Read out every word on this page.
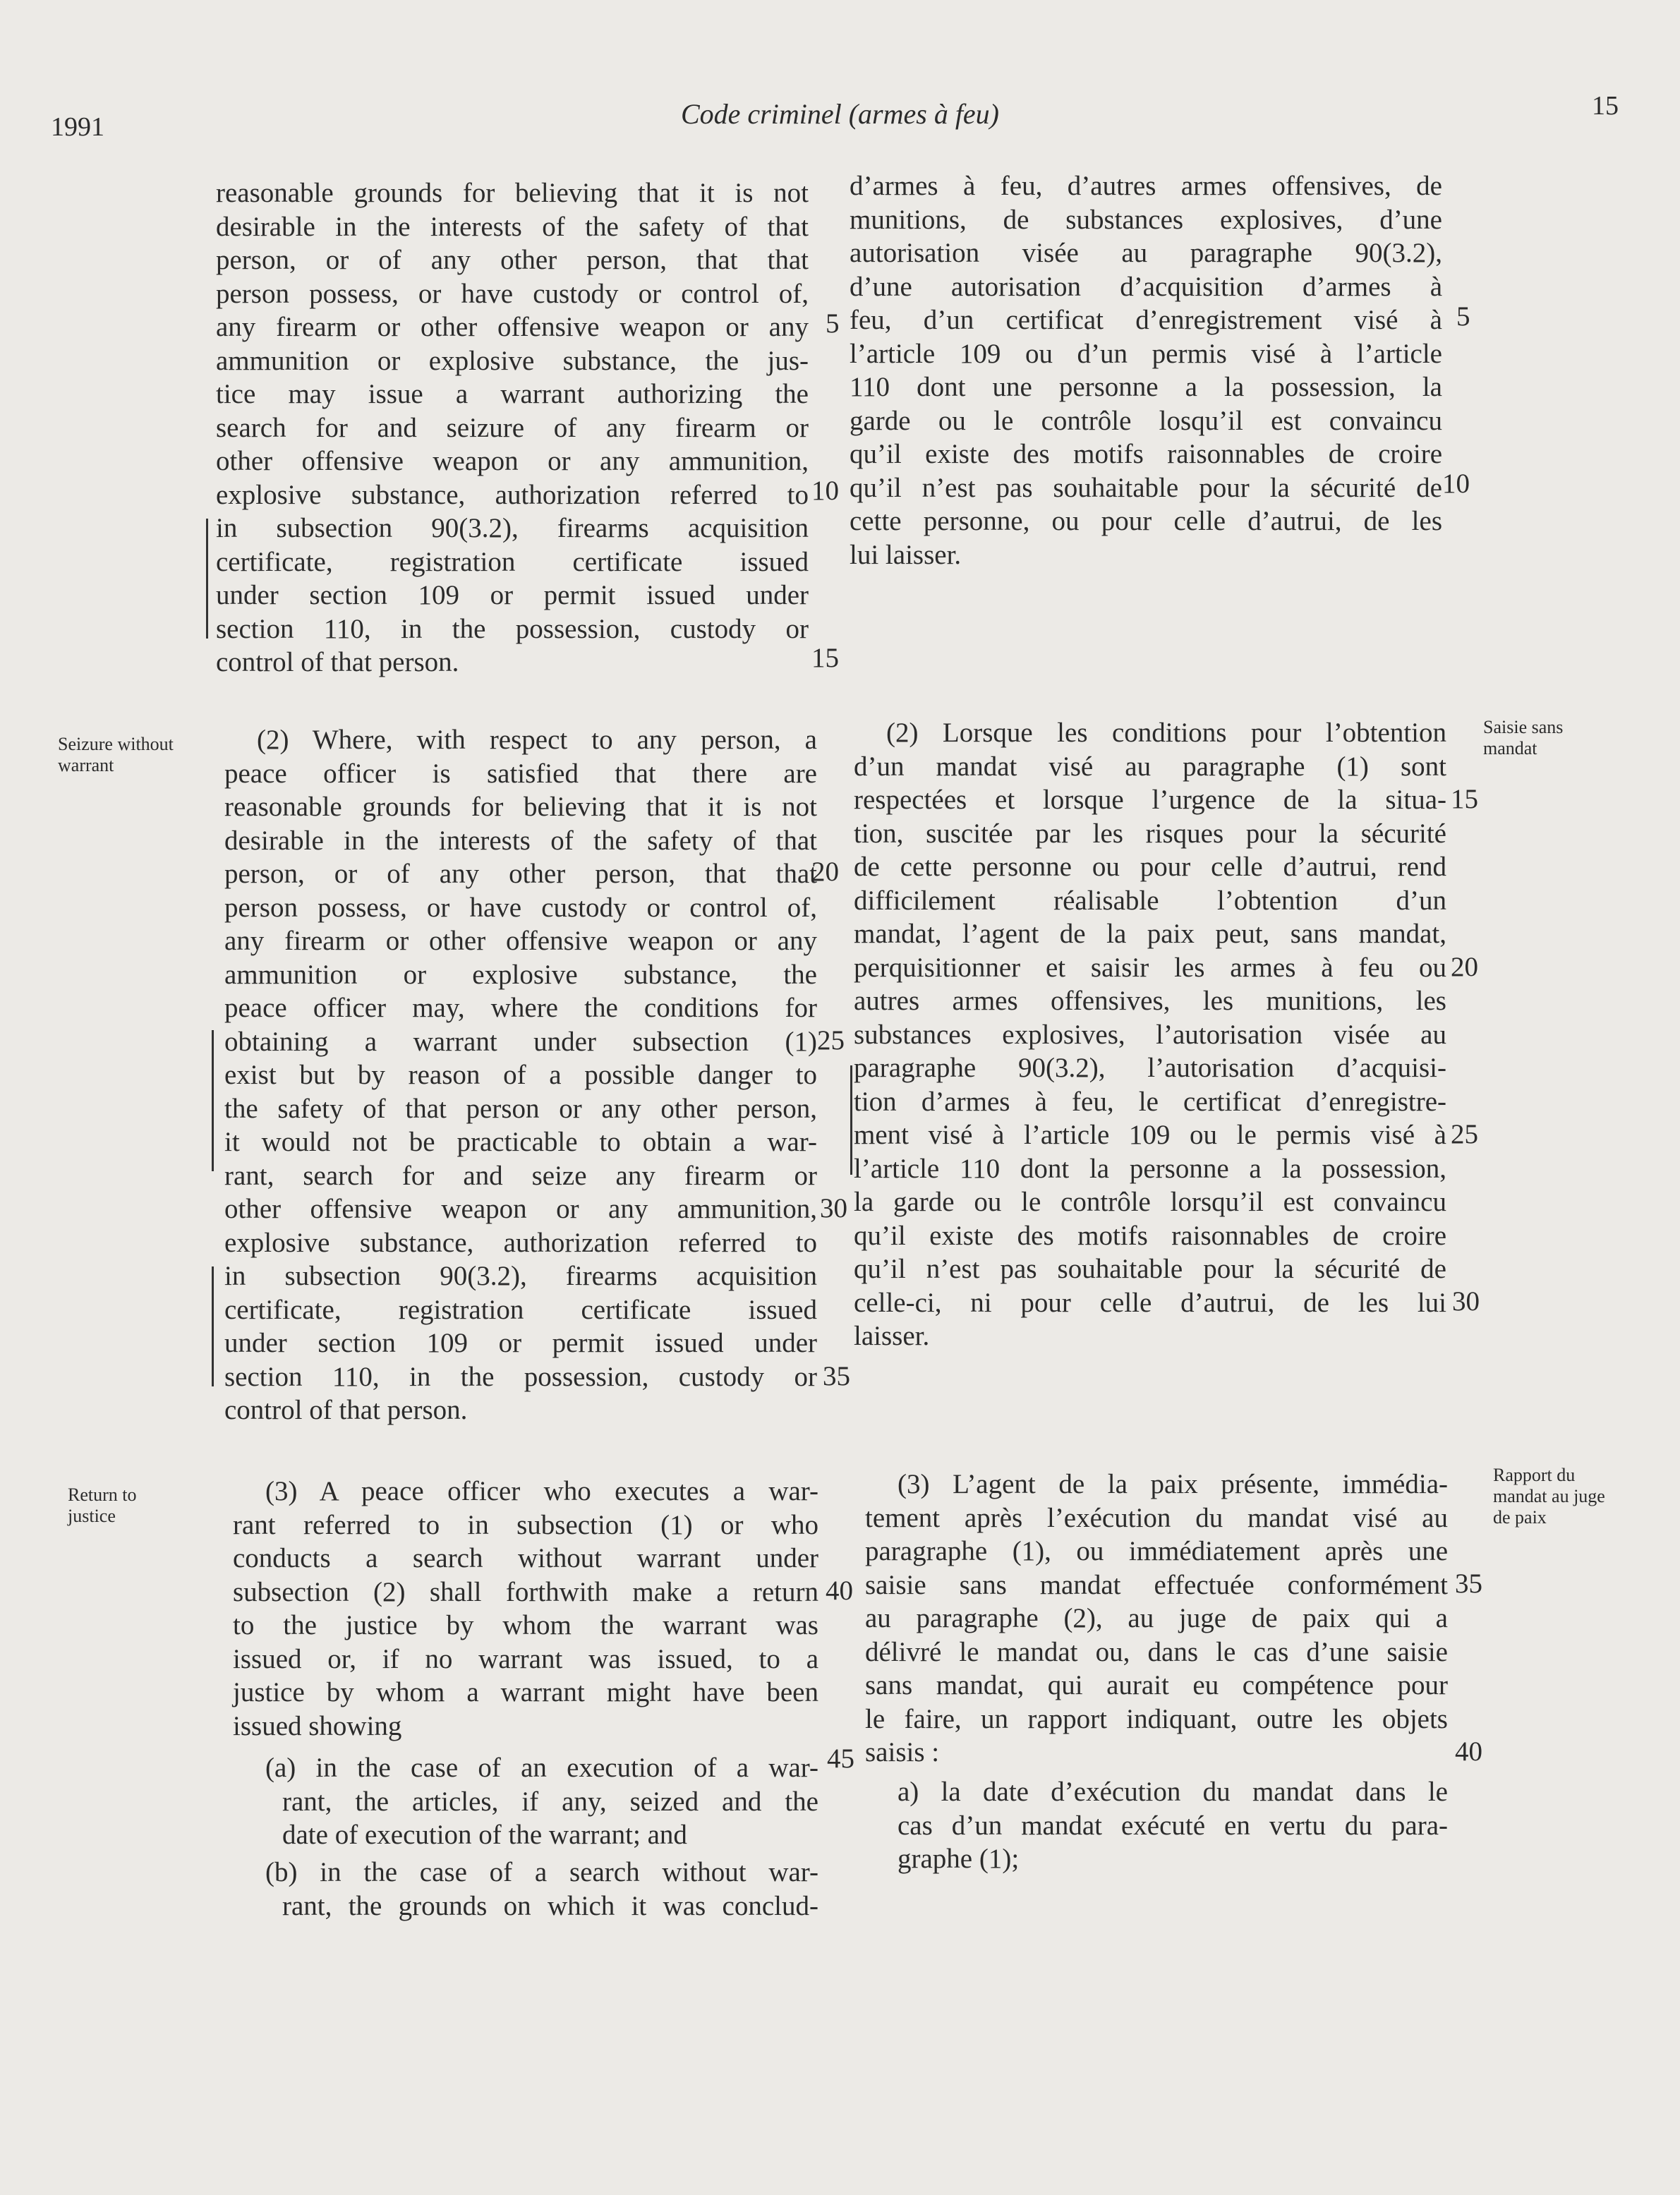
1991	Code criminel (armes à feu)	15
reasonable grounds for believing that it is not
desirable in the interests of the safety of that
person, or of any other person, that that
person possess, or have custody or control of,
any firearm or other offensive weapon or any
ammunition or explosive substance, the jus-
tice may issue a warrant authorizing the
search for and seizure of any firearm or
other offensive weapon or any ammunition,
explosive substance, authorization referred to
in subsection 90(3.2), firearms acquisition
certificate, registration certificate issued
under section 109 or permit issued under
section 110, in the possession, custody or
control of that person.
d’armes à feu, d’autres armes offensives, de
munitions, de substances explosives, d’une
autorisation visée au paragraphe 90(3.2),
d’une autorisation d’acquisition d’armes à
feu, d’un certificat d’enregistrement visé à
l’article 109 ou d’un permis visé à l’article
110 dont une personne a la possession, la
garde ou le contrôle losqu’il est convaincu
qu’il existe des motifs raisonnables de croire
qu’il n’est pas souhaitable pour la sécurité de
cette personne, ou pour celle d’autrui, de les
lui laisser.
Seizure without
warrant
Saisie sans
mandat
(2) Where, with respect to any person, a
peace officer is satisfied that there are
reasonable grounds for believing that it is not
desirable in the interests of the safety of that
person, or of any other person, that that
person possess, or have custody or control of,
any firearm or other offensive weapon or any
ammunition or explosive substance, the
peace officer may, where the conditions for
obtaining a warrant under subsection (1)
exist but by reason of a possible danger to
the safety of that person or any other person,
it would not be practicable to obtain a war-
rant, search for and seize any firearm or
other offensive weapon or any ammunition,
explosive substance, authorization referred to
in subsection 90(3.2), firearms acquisition
certificate, registration certificate issued
under section 109 or permit issued under
section 110, in the possession, custody or
control of that person.
(2) Lorsque les conditions pour l’obtention
d’un mandat visé au paragraphe (1) sont
respectées et lorsque l’urgence de la situa-
tion, suscitée par les risques pour la sécurité
de cette personne ou pour celle d’autrui, rend
difficilement réalisable l’obtention d’un
mandat, l’agent de la paix peut, sans mandat,
perquisitionner et saisir les armes à feu ou
autres armes offensives, les munitions, les
substances explosives, l’autorisation visée au
paragraphe 90(3.2), l’autorisation d’acquisi-
tion d’armes à feu, le certificat d’enregistre-
ment visé à l’article 109 ou le permis visé à
l’article 110 dont la personne a la possession,
la garde ou le contrôle lorsqu’il est convaincu
qu’il existe des motifs raisonnables de croire
qu’il n’est pas souhaitable pour la sécurité de
celle-ci, ni pour celle d’autrui, de les lui
laisser.
Return to
justice
Rapport du
mandat au juge
de paix
(3) A peace officer who executes a war-
rant referred to in subsection (1) or who
conducts a search without warrant under
subsection (2) shall forthwith make a return
to the justice by whom the warrant was
issued or, if no warrant was issued, to a
justice by whom a warrant might have been
issued showing
(a) in the case of an execution of a war-
rant, the articles, if any, seized and the
date of execution of the warrant; and
(b) in the case of a search without war-
rant, the grounds on which it was conclud-
(3) L’agent de la paix présente, immédia-
tement après l’exécution du mandat visé au
paragraphe (1), ou immédiatement après une
saisie sans mandat effectuée conformément
au paragraphe (2), au juge de paix qui a
délivré le mandat ou, dans le cas d’une saisie
sans mandat, qui aurait eu compétence pour
le faire, un rapport indiquant, outre les objets
saisis :
a) la date d’exécution du mandat dans le
cas d’un mandat exécuté en vertu du para-
graphe (1);
5
10
15
20
25
30
35
40
45
5
10
15
20
25
30
35
40
